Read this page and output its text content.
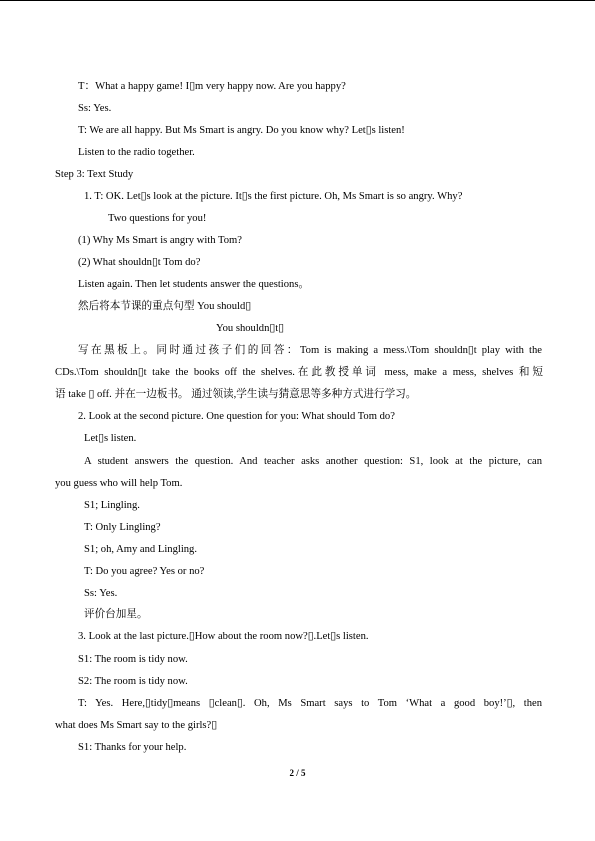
T：What a happy game! I▯m very happy now. Are you happy?
Ss: Yes.
T: We are all happy. But Ms Smart is angry. Do you know why? Let▯s listen!
Listen to the radio together.
Step 3: Text Study
1. T: OK. Let▯s look at the picture. It▯s the first picture. Oh, Ms Smart is so angry. Why?
Two questions for you!
(1) Why Ms Smart is angry with Tom?
(2) What shouldn▯t Tom do?
Listen again. Then let students answer the questions。
然后将本节课的重点句型 You should▯
You shouldn▯t▯
写在黑板上。同时通过孩子们的回答：Tom is making a mess.\Tom shouldn▯t play with the
CDs.\Tom shouldn▯t take the books off the shelves.在此教授单词 mess, make a mess, shelves 和短
语 take ▯ off. 并在一边板书。 通过领读,学生读与猜意思等多种方式进行学习。
2. Look at the second picture. One question for you: What should Tom do?
Let▯s listen.
A student answers the question. And teacher asks another question: S1, look at the picture, can
you guess who will help Tom.
S1; Lingling.
T: Only Lingling?
S1; oh, Amy and Lingling.
T: Do you agree? Yes or no?
Ss: Yes.
评价台加星。
3. Look at the last picture.▯How about the room now?▯.Let▯s listen.
S1: The room is tidy now.
S2: The room is tidy now.
T: Yes. Here,▯tidy▯means ▯clean▯. Oh, Ms Smart says to Tom ‘What a good boy!’▯, then
what does Ms Smart say to the girls?▯
S1: Thanks for your help.
2 / 5
